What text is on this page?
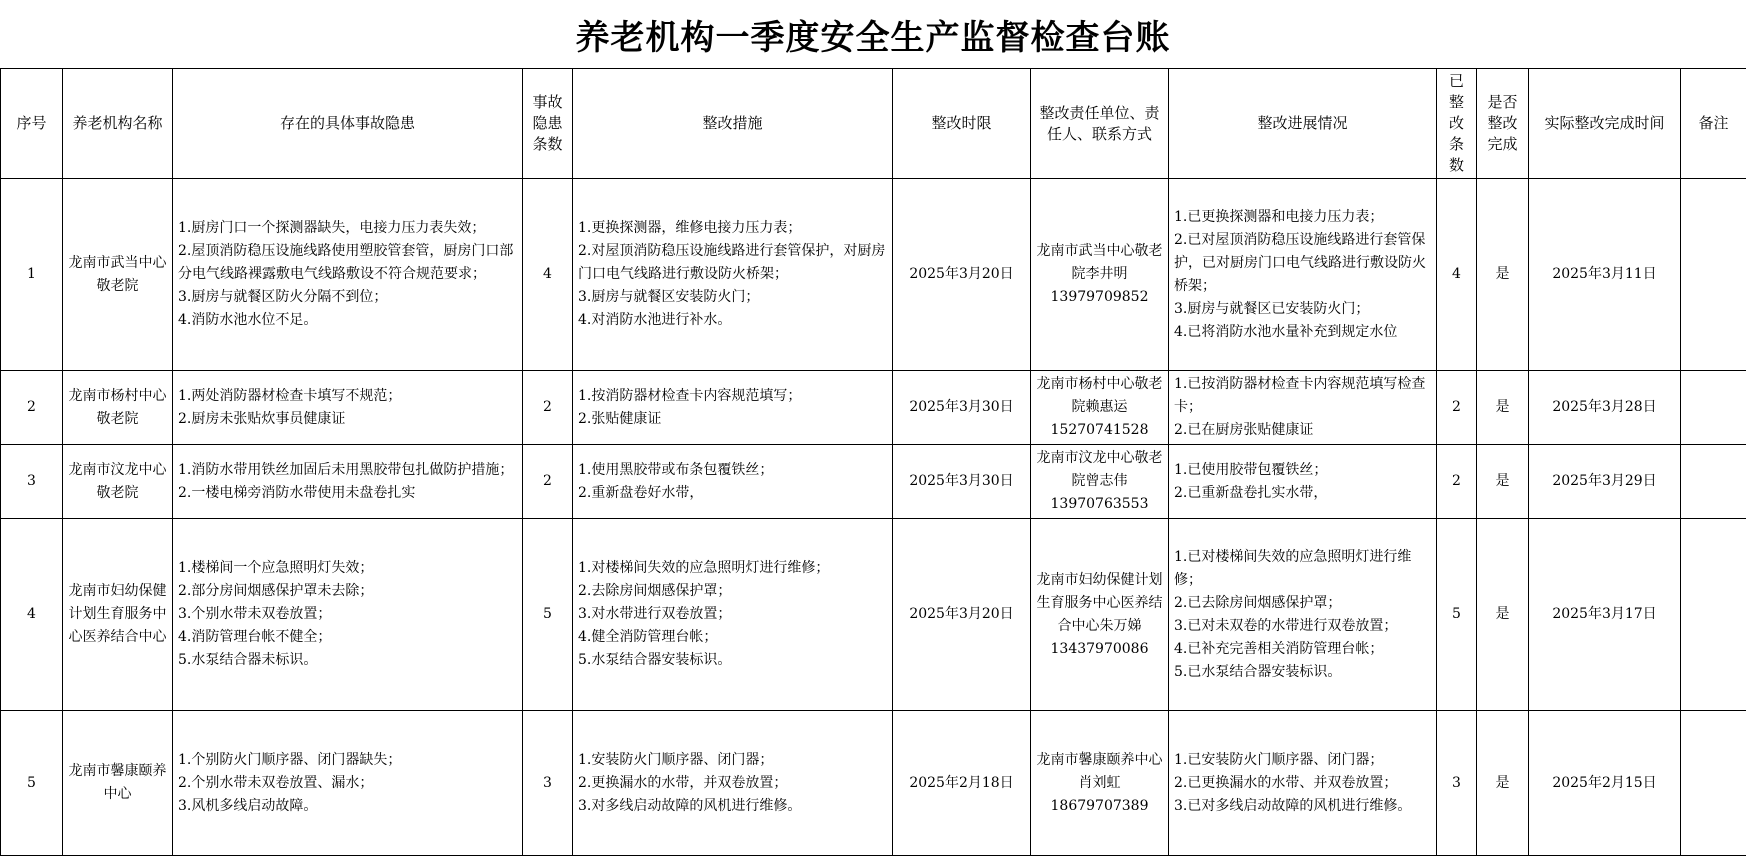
养老机构一季度安全生产监督检查台账
序号	养老机构名称	存在的具体事故隐患	事故隐患条数	整改措施	整改时限	整改责任单位、责任人、联系方式	整改进展情况	已整改条数	是否整改完成	实际整改完成时间	备注
1	龙南市武当中心敬老院	1.厨房门口一个探测器缺失，电接力压力表失效；
2.屋顶消防稳压设施线路使用塑胶管套管，厨房门口部分电气线路裸露敷电气线路敷设不符合规范要求；
3.厨房与就餐区防火分隔不到位；
4.消防水池水位不足。	4	1.更换探测器，维修电接力压力表；
2.对屋顶消防稳压设施线路进行套管保护，对厨房门口电气线路进行敷设防火桥架；
3.厨房与就餐区安装防火门；
4.对消防水池进行补水。	2025年3月20日	龙南市武当中心敬老院李井明13979709852	1.已更换探测器和电接力压力表；
2.已对屋顶消防稳压设施线路进行套管保护，已对厨房门口电气线路进行敷设防火桥架；
3.厨房与就餐区已安装防火门；
4.已将消防水池水量补充到规定水位	4	是	2025年3月11日	
2	龙南市杨村中心敬老院	1.两处消防器材检查卡填写不规范；
2.厨房未张贴炊事员健康证	2	1.按消防器材检查卡内容规范填写；
2.张贴健康证	2025年3月30日	龙南市杨村中心敬老院赖惠运15270741528	1.已按消防器材检查卡内容规范填写检查卡；
2.已在厨房张贴健康证	2	是	2025年3月28日	
3	龙南市汶龙中心敬老院	1.消防水带用铁丝加固后未用黑胶带包扎做防护措施；
2.一楼电梯旁消防水带使用未盘卷扎实	2	1.使用黑胶带或布条包覆铁丝；
2.重新盘卷好水带，	2025年3月30日	龙南市汶龙中心敬老院曾志伟13970763553	1.已使用胶带包覆铁丝；
2.已重新盘卷扎实水带，	2	是	2025年3月29日	
4	龙南市妇幼保健计划生育服务中心医养结合中心	1.楼梯间一个应急照明灯失效；
2.部分房间烟感保护罩未去除；
3.个别水带未双卷放置；
4.消防管理台帐不健全；
5.水泵结合器未标识。	5	1.对楼梯间失效的应急照明灯进行维修；
2.去除房间烟感保护罩；
3.对水带进行双卷放置；
4.健全消防管理台帐；
5.水泵结合器安装标识。	2025年3月20日	龙南市妇幼保健计划生育服务中心医养结合中心朱万娣13437970086	1.已对楼梯间失效的应急照明灯进行维修；
2.已去除房间烟感保护罩；
3.已对未双卷的水带进行双卷放置；
4.已补充完善相关消防管理台帐；
5.已水泵结合器安装标识。	5	是	2025年3月17日	
5	龙南市馨康颐养中心	1.个别防火门顺序器、闭门器缺失；
2.个别水带未双卷放置、漏水；
3.风机多线启动故障。	3	1.安装防火门顺序器、闭门器；
2.更换漏水的水带，并双卷放置；
3.对多线启动故障的风机进行维修。	2025年2月18日	龙南市馨康颐养中心肖刘虹18679707389	1.已安装防火门顺序器、闭门器；
2.已更换漏水的水带、并双卷放置；
3.已对多线启动故障的风机进行维修。	3	是	2025年2月15日	
